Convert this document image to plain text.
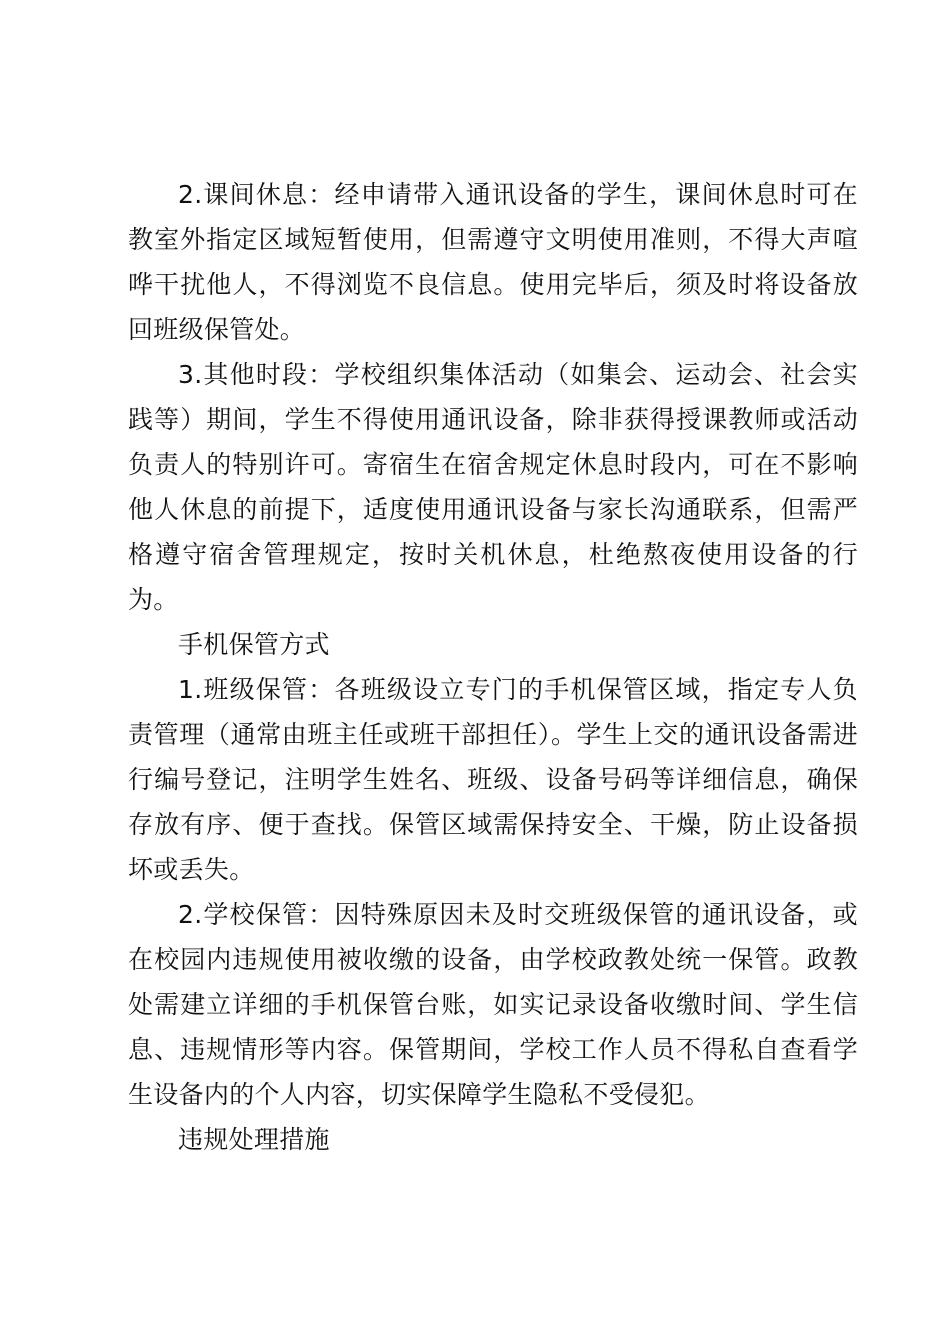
2.课间休息：经申请带入通讯设备的学生，课间休息时可在教室外指定区域短暂使用，但需遵守文明使用准则，不得大声喧哗干扰他人，不得浏览不良信息。使用完毕后，须及时将设备放回班级保管处。

3.其他时段：学校组织集体活动（如集会、运动会、社会实践等）期间，学生不得使用通讯设备，除非获得授课教师或活动负责人的特别许可。寄宿生在宿舍规定休息时段内，可在不影响他人休息的前提下，适度使用通讯设备与家长沟通联系，但需严格遵守宿舍管理规定，按时关机休息，杜绝熬夜使用设备的行为。

手机保管方式

1.班级保管：各班级设立专门的手机保管区域，指定专人负责管理（通常由班主任或班干部担任）。学生上交的通讯设备需进行编号登记，注明学生姓名、班级、设备号码等详细信息，确保存放有序、便于查找。保管区域需保持安全、干燥，防止设备损坏或丢失。

2.学校保管：因特殊原因未及时交班级保管的通讯设备，或在校园内违规使用被收缴的设备，由学校政教处统一保管。政教处需建立详细的手机保管台账，如实记录设备收缴时间、学生信息、违规情形等内容。保管期间，学校工作人员不得私自查看学生设备内的个人内容，切实保障学生隐私不受侵犯。

违规处理措施
